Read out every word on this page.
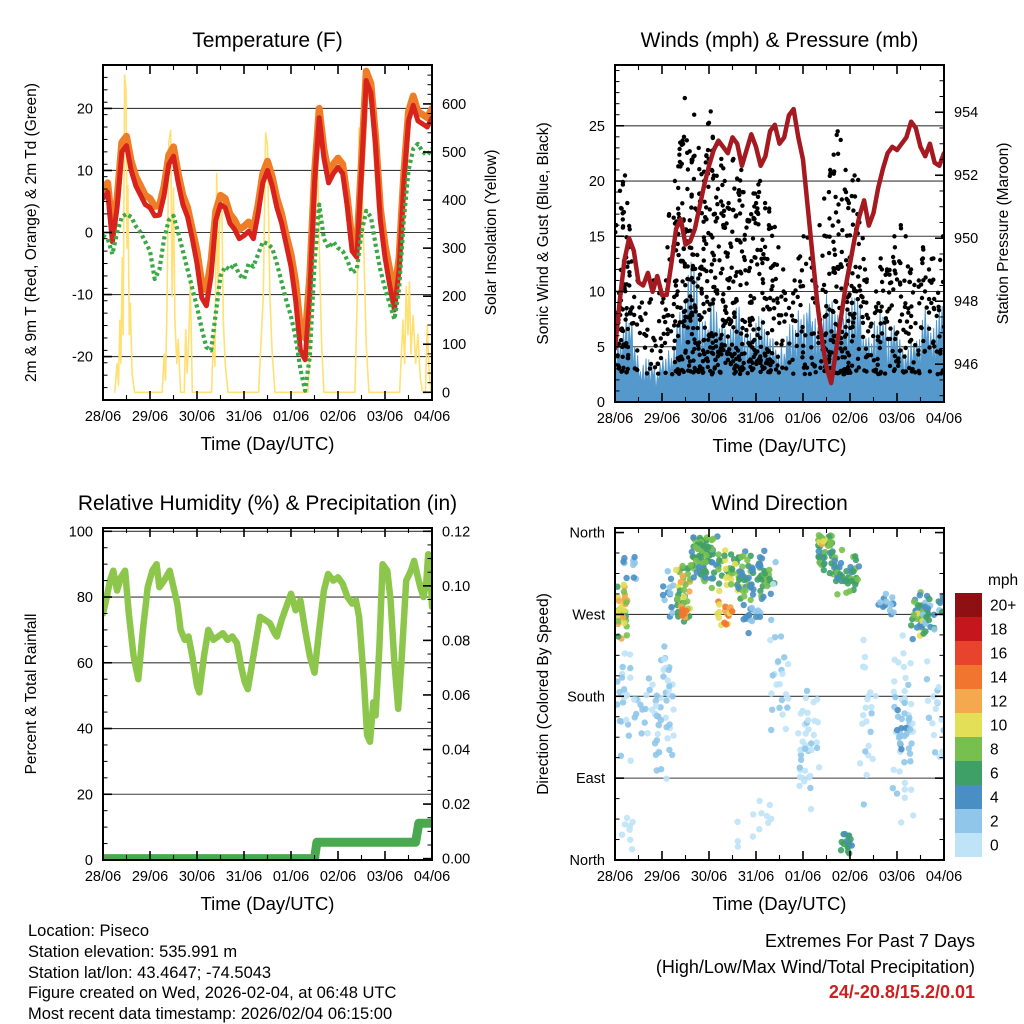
28/06 29/06 30/06 31/06 01/06 02/06 03/06 04/06
-20
-10
0
10
20
0
100
200
300
400
500
600
Temperature (F)
Time (Day/UTC)
2m & 9m T (Red, Orange) & 2m Td (Green)	Solar Insolation (Yellow)
28/06 29/06 30/06 31/06 01/06 02/06 03/06 04/06
0
5
10
15
20
25
946
948
950
952
954
Winds (mph) & Pressure (mb)
Time (Day/UTC)
Sonic Wind & Gust (Blue, Black)	Station Pressure (Maroon)
28/06 29/06 30/06 31/06 01/06 02/06 03/06 04/06
0
20
40
60
80
100
0.00
0.02
0.04
0.06
0.08
0.10
0.12
Relative Humidity (%) & Precipitation (in)
Time (Day/UTC)
Percent & Total Rainfall
28/06 29/06 30/06 31/06 01/06 02/06 03/06 04/06
North
East
South
West
North
Wind Direction
Time (Day/UTC)
Direction (Colored By Speed)
mph
20+
18
16
14
12
10
8
6
4
2
0
Location: Piseco
Station elevation: 535.991 m
Station lat/lon: 43.4647; -74.5043
Figure created on Wed, 2026-02-04, at 06:48 UTC
Most recent data timestamp: 2026/02/04 06:15:00
Extremes For Past 7 Days
(High/Low/Max Wind/Total Precipitation)
24/-20.8/15.2/0.01
